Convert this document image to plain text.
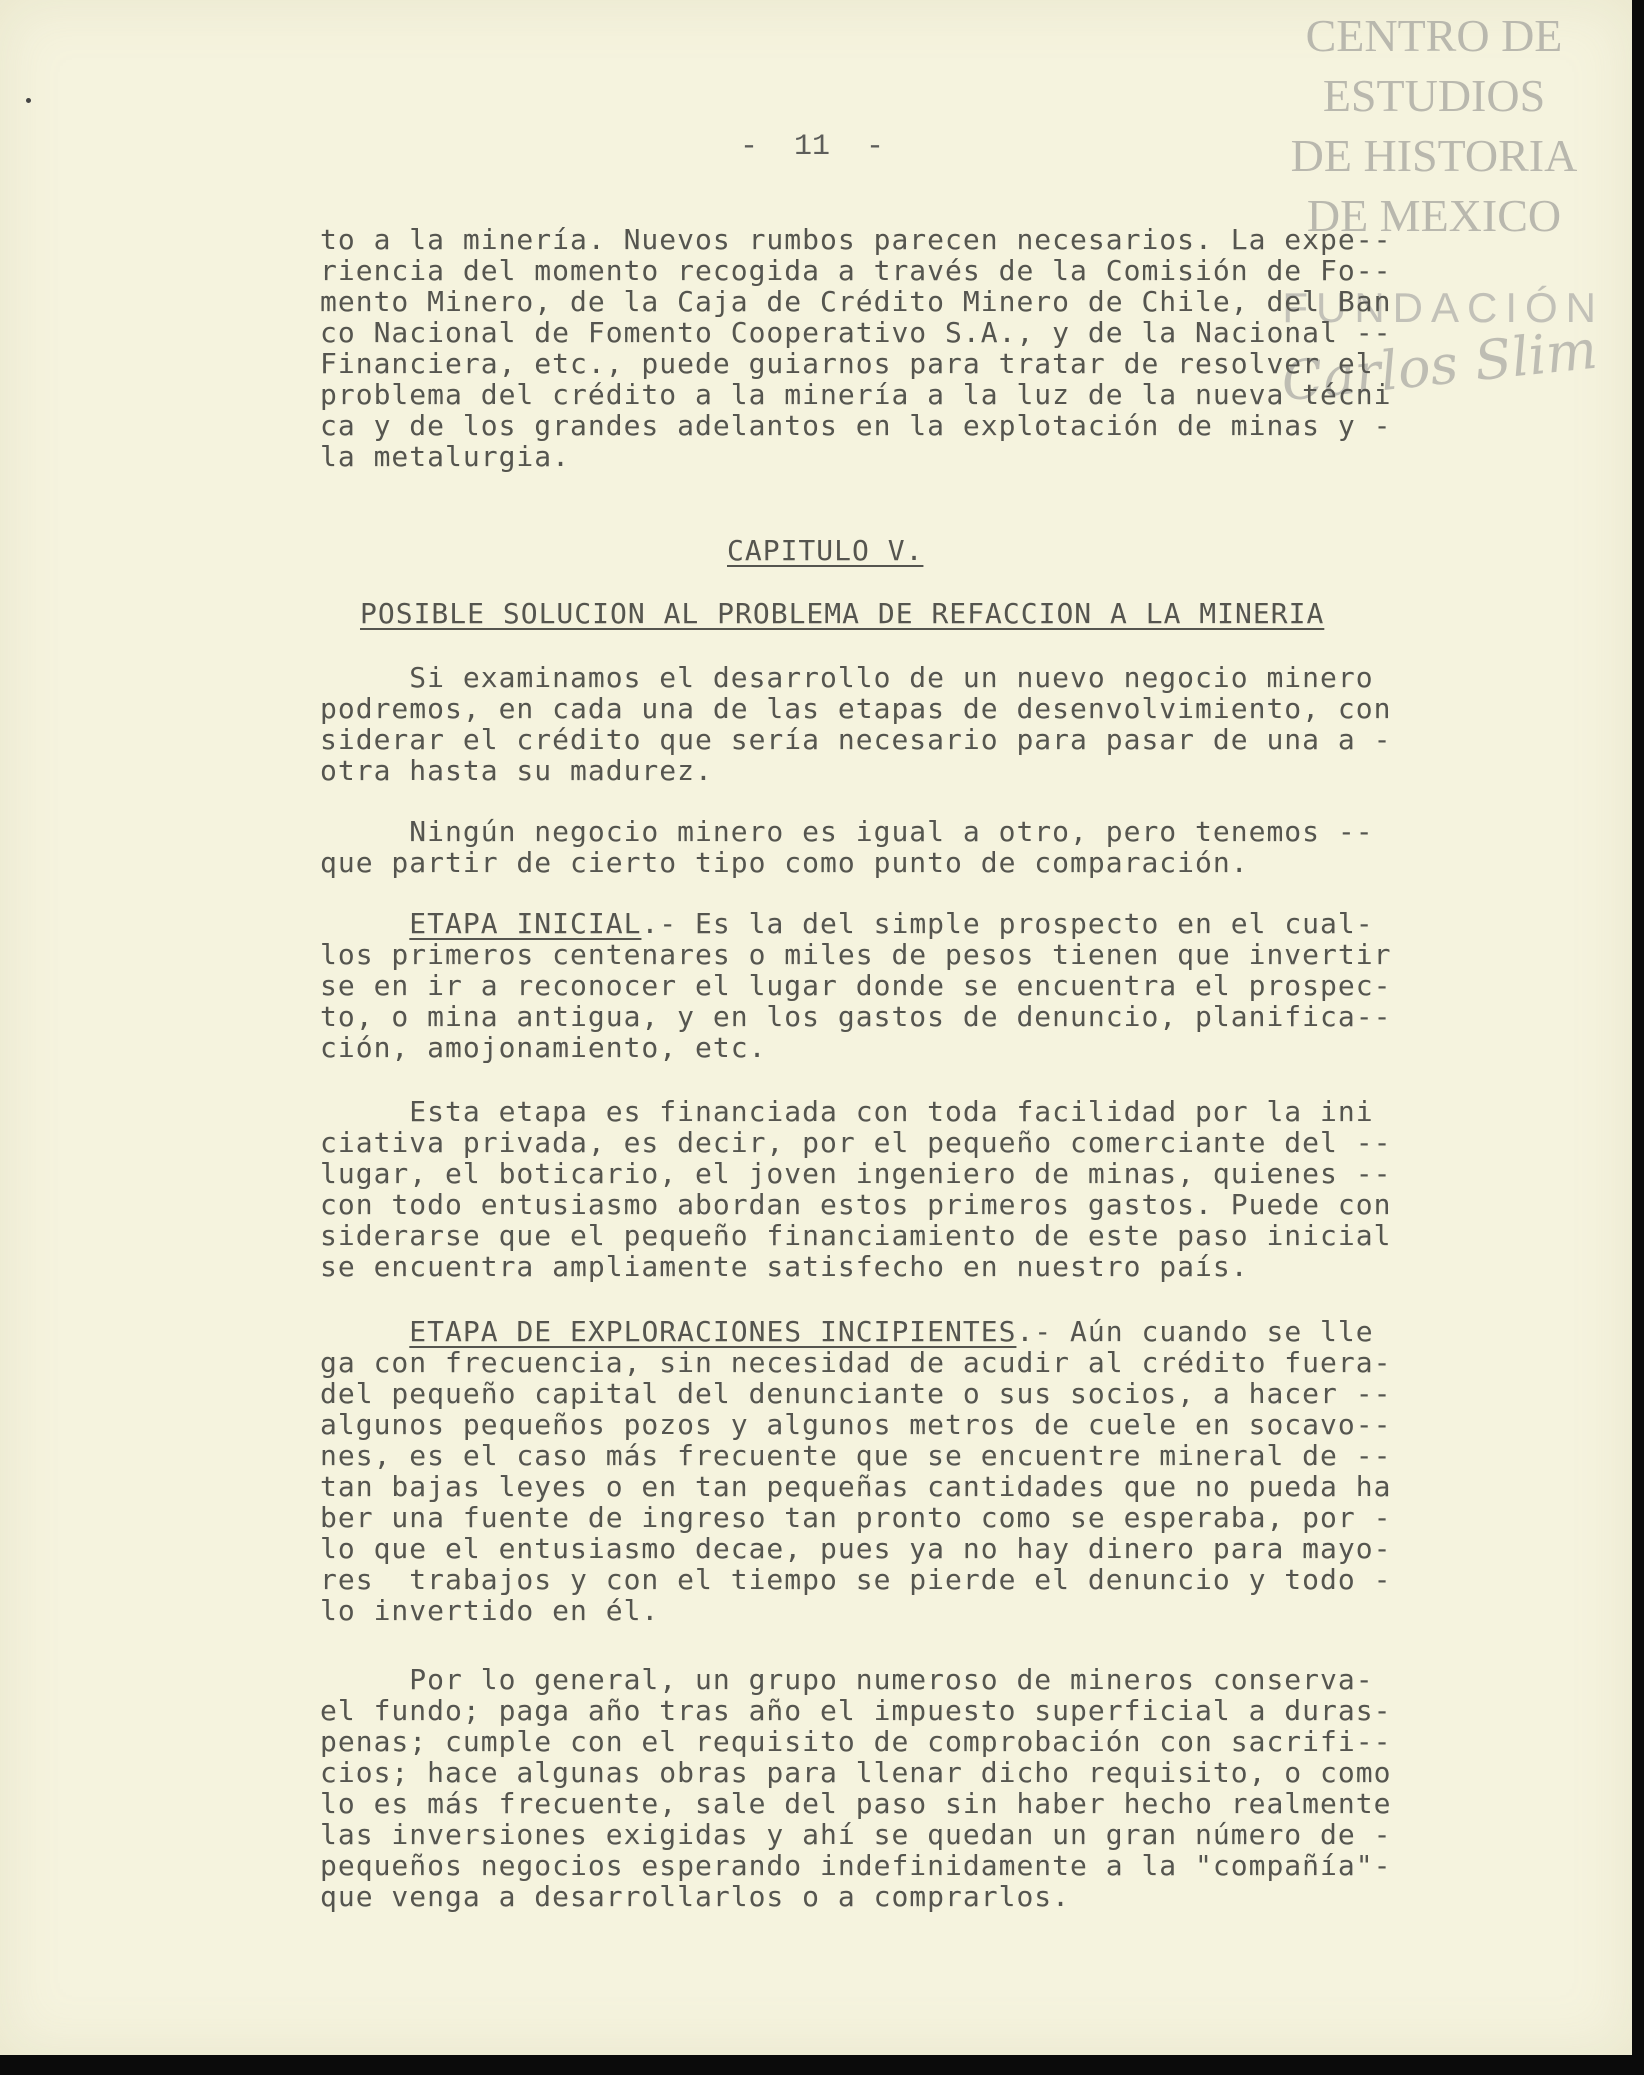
CENTRO DE
ESTUDIOS
DE HISTORIA
DE MEXICO
FUNDACIÓN
Carlos Slim
-  11  -
to a la minería. Nuevos rumbos parecen necesarios. La expe--
riencia del momento recogida a través de la Comisión de Fo--
mento Minero, de la Caja de Crédito Minero de Chile, del Ban
co Nacional de Fomento Cooperativo S.A., y de la Nacional --
Financiera, etc., puede guiarnos para tratar de resolver el
problema del crédito a la minería a la luz de la nueva técni
ca y de los grandes adelantos en la explotación de minas y -
la metalurgia.
CAPITULO V.
POSIBLE SOLUCION AL PROBLEMA DE REFACCION A LA MINERIA
Si examinamos el desarrollo de un nuevo negocio minero
podremos, en cada una de las etapas de desenvolvimiento, con
siderar el crédito que sería necesario para pasar de una a -
otra hasta su madurez.
Ningún negocio minero es igual a otro, pero tenemos --
que partir de cierto tipo como punto de comparación.
ETAPA INICIAL.- Es la del simple prospecto en el cual-
los primeros centenares o miles de pesos tienen que invertir
se en ir a reconocer el lugar donde se encuentra el prospec-
to, o mina antigua, y en los gastos de denuncio, planifica--
ción, amojonamiento, etc.
Esta etapa es financiada con toda facilidad por la ini
ciativa privada, es decir, por el pequeño comerciante del --
lugar, el boticario, el joven ingeniero de minas, quienes --
con todo entusiasmo abordan estos primeros gastos. Puede con
siderarse que el pequeño financiamiento de este paso inicial
se encuentra ampliamente satisfecho en nuestro país.
ETAPA DE EXPLORACIONES INCIPIENTES.- Aún cuando se lle
ga con frecuencia, sin necesidad de acudir al crédito fuera-
del pequeño capital del denunciante o sus socios, a hacer --
algunos pequeños pozos y algunos metros de cuele en socavo--
nes, es el caso más frecuente que se encuentre mineral de --
tan bajas leyes o en tan pequeñas cantidades que no pueda ha
ber una fuente de ingreso tan pronto como se esperaba, por -
lo que el entusiasmo decae, pues ya no hay dinero para mayo-
res  trabajos y con el tiempo se pierde el denuncio y todo -
lo invertido en él.
Por lo general, un grupo numeroso de mineros conserva-
el fundo; paga año tras año el impuesto superficial a duras-
penas; cumple con el requisito de comprobación con sacrifi--
cios; hace algunas obras para llenar dicho requisito, o como
lo es más frecuente, sale del paso sin haber hecho realmente
las inversiones exigidas y ahí se quedan un gran número de -
pequeños negocios esperando indefinidamente a la "compañía"-
que venga a desarrollarlos o a comprarlos.
